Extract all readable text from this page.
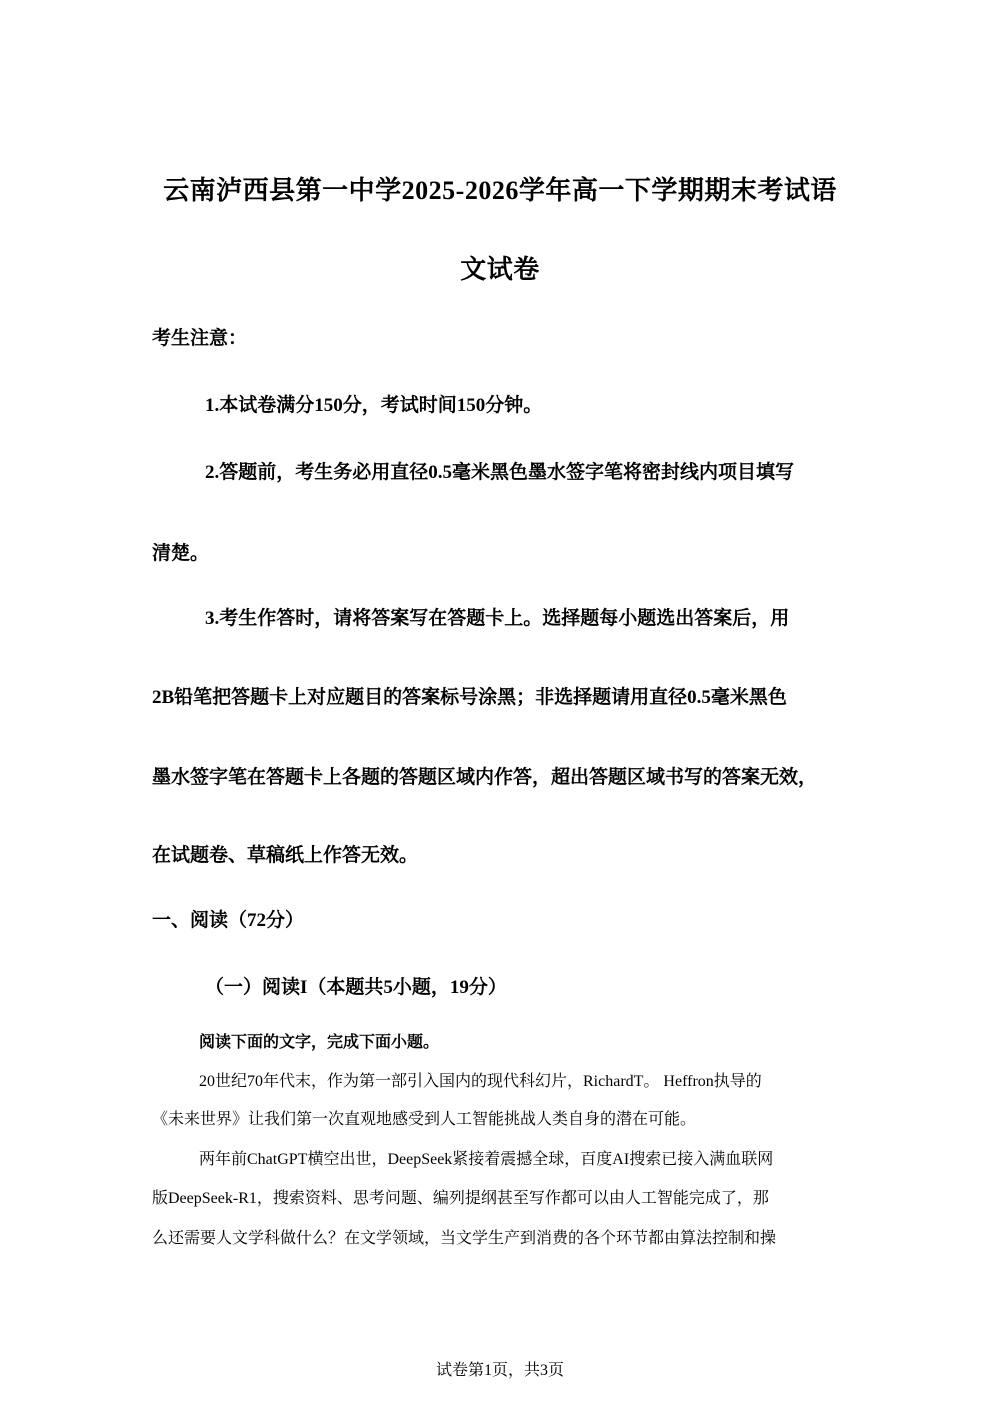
云南泸西县第一中学2025-2026学年高一下学期期末考试语
文试卷
考生注意：
1.本试卷满分150分，考试时间150分钟。
2.答题前，考生务必用直径0.5毫米黑色墨水签字笔将密封线内项目填写
清楚。
3.考生作答时，请将答案写在答题卡上。选择题每小题选出答案后，用
2B铅笔把答题卡上对应题目的答案标号涂黑；非选择题请用直径0.5毫米黑色
墨水签字笔在答题卡上各题的答题区域内作答，超出答题区域书写的答案无效，
在试题卷、草稿纸上作答无效。
一、阅读（72分）
（一）阅读I（本题共5小题，19分）
阅读下面的文字，完成下面小题。
20世纪70年代末，作为第一部引入国内的现代科幻片，RichardT。 Heffron执导的
《未来世界》让我们第一次直观地感受到人工智能挑战人类自身的潜在可能。
两年前ChatGPT横空出世，DeepSeek紧接着震撼全球，百度AI搜索已接入满血联网
版DeepSeek-R1，搜索资料、思考问题、编列提纲甚至写作都可以由人工智能完成了，那
么还需要人文学科做什么？在文学领域，当文学生产到消费的各个环节都由算法控制和操
试卷第1页，共3页
